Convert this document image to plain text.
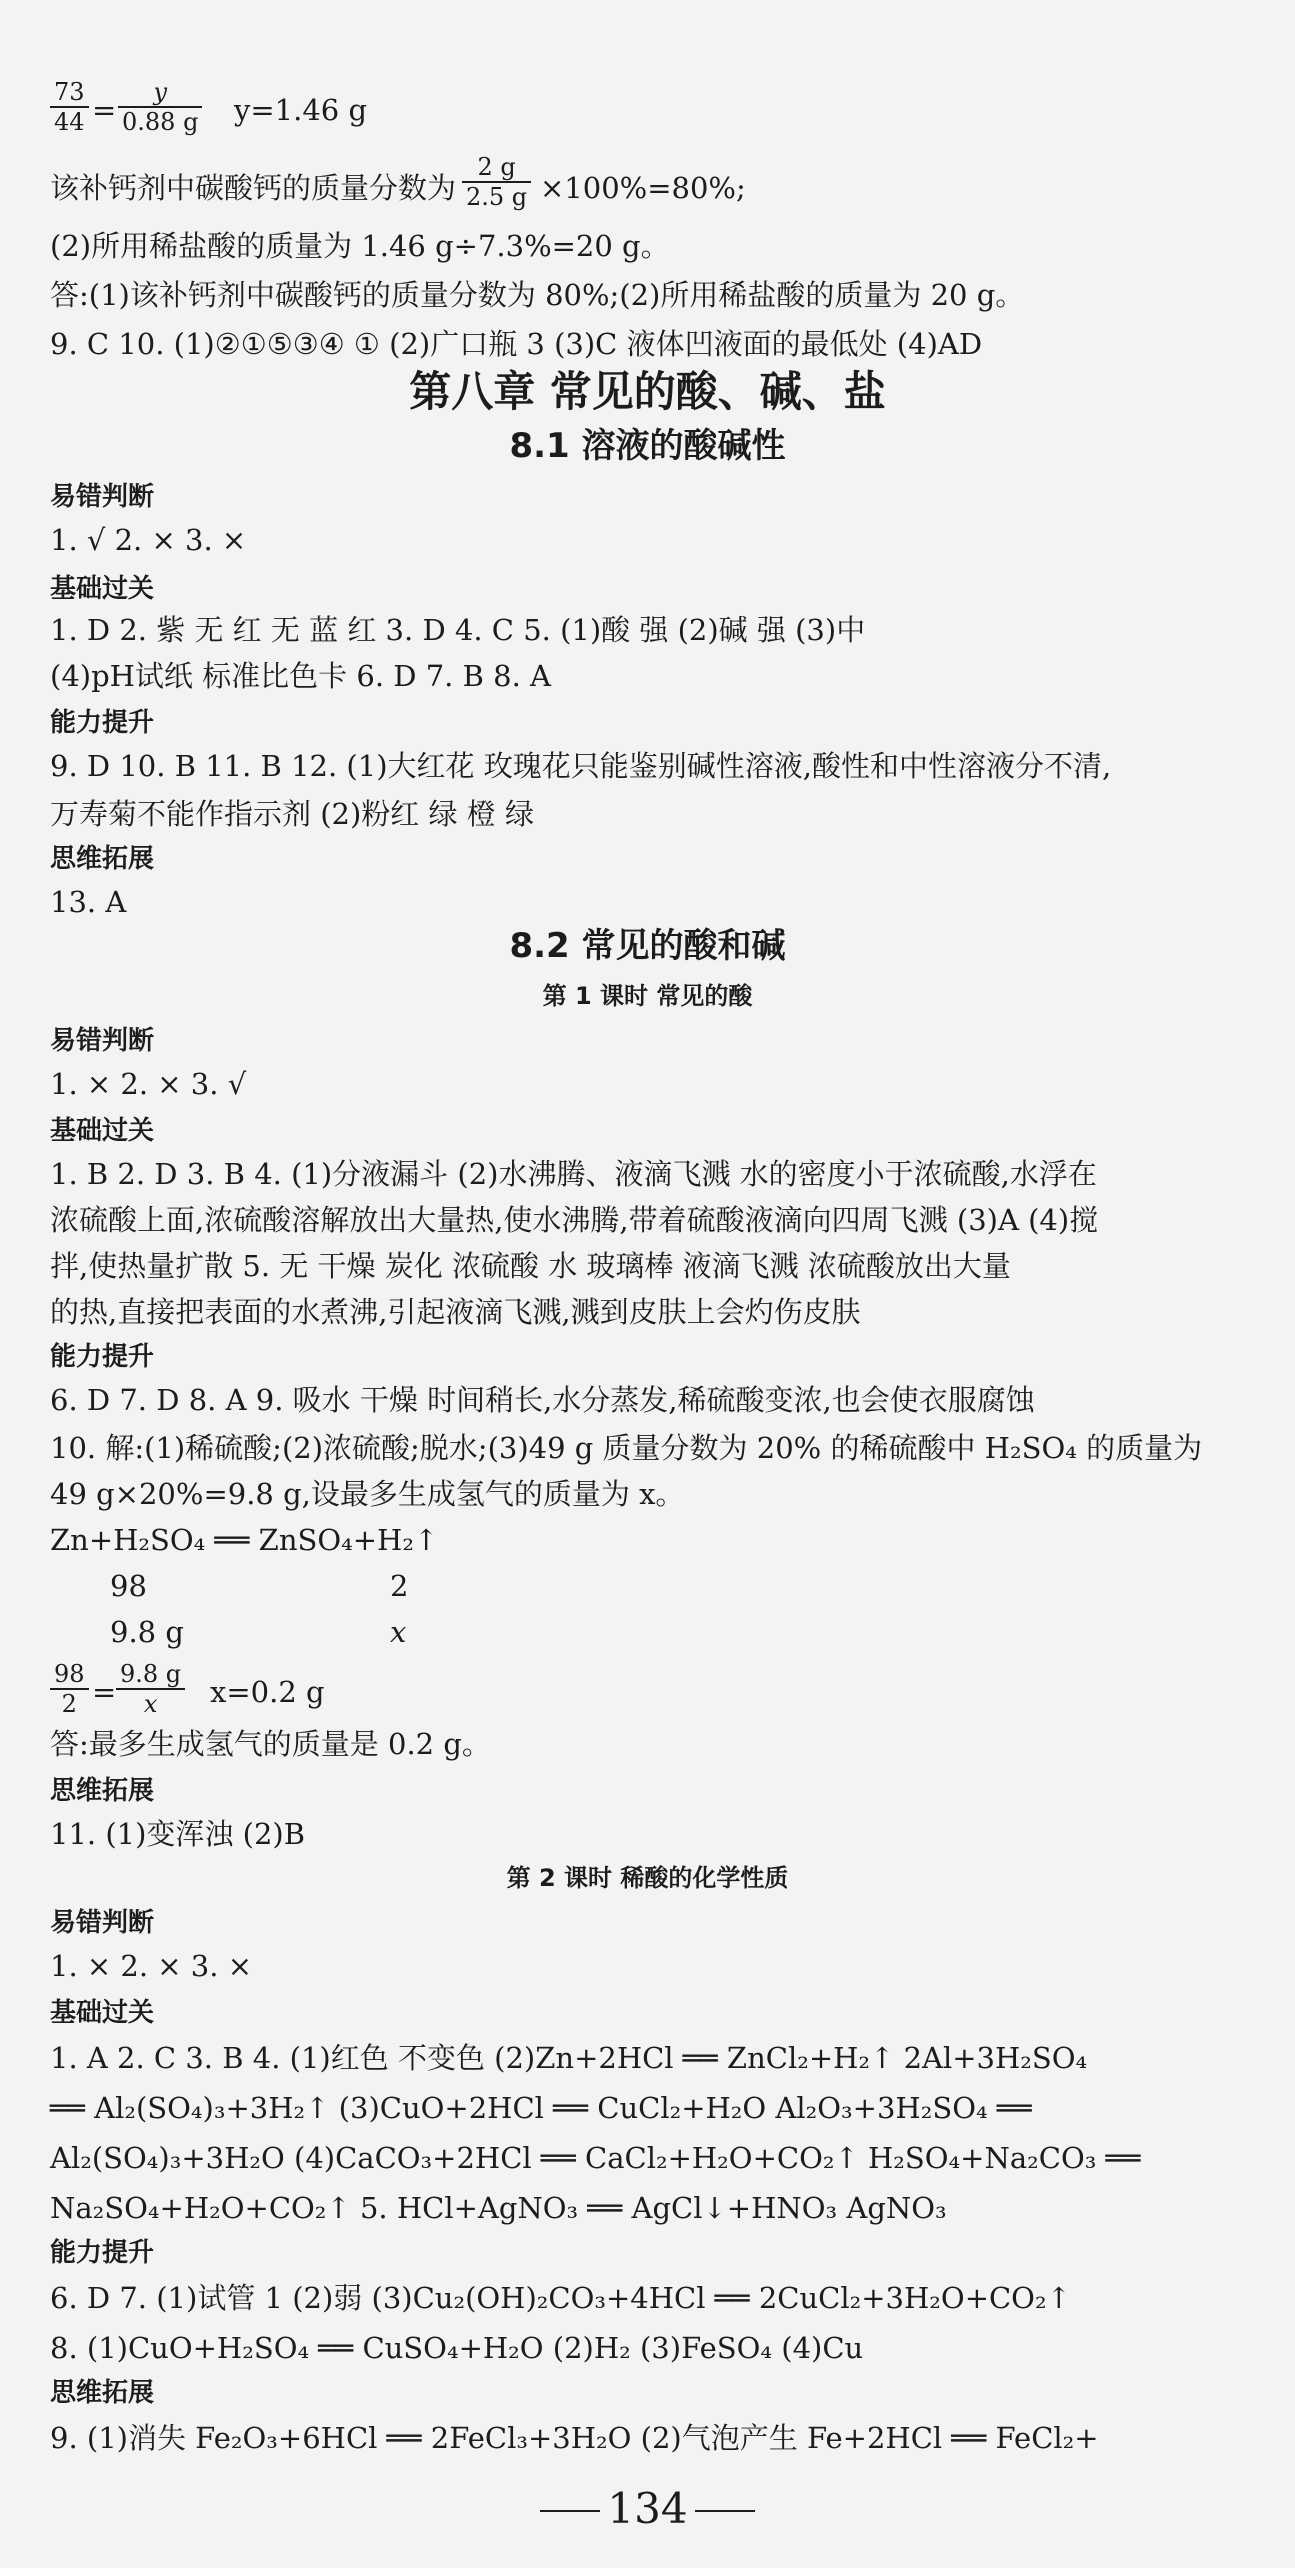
$\frac{73}{44} = \frac{y}{0.88 g} y=1.46$ g
该补钙剂中碳酸钙的质量分数为 $\frac{2 g}{2.5 g} \times 100\%=80\%$;
(2)所用稀盐酸的质量为 1.46 g÷7.3%=20 g。
答:(1)该补钙剂中碳酸钙的质量分数为 80%;(2)所用稀盐酸的质量为 20 g。
9. C 10. (1)②①⑤③④ ① (2)广口瓶 3 (3)C 液体凹液面的最低处 (4)AD
第八章 常见的酸、碱、盐
8.1 溶液的酸碱性
易错判断
1. √ 2. × 3. ×
基础过关
1. D 2. 紫 无 红 无 蓝 红 3. D 4. C 5. (1)酸 强 (2)碱 强 (3)中
(4)pH试纸 标准比色卡 6. D 7. B 8. A
能力提升
9. D 10. B 11. B 12. (1)大红花 玫瑰花只能鉴别碱性溶液,酸性和中性溶液分不清,
万寿菊不能作指示剂 (2)粉红 绿 橙 绿
思维拓展
13. A
8.2 常见的酸和碱
第 1 课时 常见的酸
易错判断
1. × 2. × 3. √
基础过关
1. B 2. D 3. B 4. (1)分液漏斗 (2)水沸腾、液滴飞溅 水的密度小于浓硫酸,水浮在
浓硫酸上面,浓硫酸溶解放出大量热,使水沸腾,带着硫酸液滴向四周飞溅 (3)A (4)搅
拌,使热量扩散 5. 无 干燥 炭化 浓硫酸 水 玻璃棒 液滴飞溅 浓硫酸放出大量
的热,直接把表面的水煮沸,引起液滴飞溅,溅到皮肤上会灼伤皮肤
能力提升
6. D 7. D 8. A 9. 吸水 干燥 时间稍长,水分蒸发,稀硫酸变浓,也会使衣服腐蚀
10. 解:(1)稀硫酸;(2)浓硫酸;脱水;(3)49 g 质量分数为 20% 的稀硫酸中 H₂SO₄ 的质量为
49 g×20%=9.8 g,设最多生成氢气的质量为 x。
Zn+H₂SO₄ ══ ZnSO₄+H₂↑
98	2
9.8 g	x
$\frac{98}{2} = \frac{9.8 g}{x} x=0.2$ g
答:最多生成氢气的质量是 0.2 g。
思维拓展
11. (1)变浑浊 (2)B
第 2 课时 稀酸的化学性质
易错判断
1. × 2. × 3. ×
基础过关
1. A 2. C 3. B 4. (1)红色 不变色 (2)Zn+2HCl ══ ZnCl₂+H₂↑ 2Al+3H₂SO₄
══ Al₂(SO₄)₃+3H₂↑ (3)CuO+2HCl ══ CuCl₂+H₂O Al₂O₃+3H₂SO₄ ══
Al₂(SO₄)₃+3H₂O (4)CaCO₃+2HCl ══ CaCl₂+H₂O+CO₂↑ H₂SO₄+Na₂CO₃ ══
Na₂SO₄+H₂O+CO₂↑ 5. HCl+AgNO₃ ══ AgCl↓+HNO₃ AgNO₃
能力提升
6. D 7. (1)试管 1 (2)弱 (3)Cu₂(OH)₂CO₃+4HCl ══ 2CuCl₂+3H₂O+CO₂↑
8. (1)CuO+H₂SO₄ ══ CuSO₄+H₂O (2)H₂ (3)FeSO₄ (4)Cu
思维拓展
9. (1)消失 Fe₂O₃+6HCl ══ 2FeCl₃+3H₂O (2)气泡产生 Fe+2HCl ══ FeCl₂+
134
